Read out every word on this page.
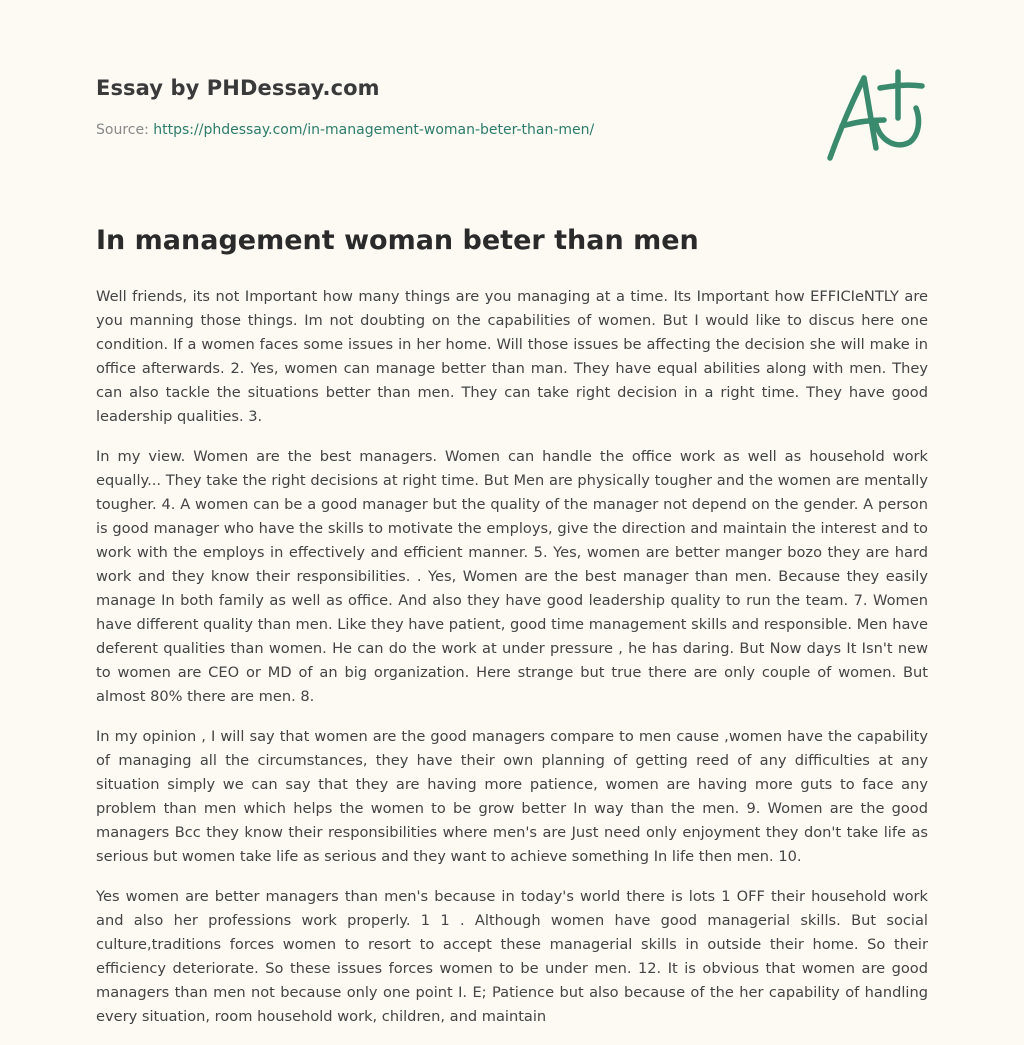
Essay by PHDessay.com
Source: https://phdessay.com/in-management-woman-beter-than-men/
In management woman beter than men

Well friends, its not Important how many things are you managing at a time. Its Important how EFFICIeNTLY are you manning those things. Im not doubting on the capabilities of women. But I would like to discus here one condition. If a women faces some issues in her home. Will those issues be affecting the decision she will make in office afterwards. 2. Yes, women can manage better than man. They have equal abilities along with men. They can also tackle the situations better than men. They can take right decision in a right time. They have good leadership qualities. 3.

In my view. Women are the best managers. Women can handle the office work as well as household work equally... They take the right decisions at right time. But Men are physically tougher and the women are mentally tougher. 4. A women can be a good manager but the quality of the manager not depend on the gender. A person is good manager who have the skills to motivate the employs, give the direction and maintain the interest and to work with the employs in effectively and efficient manner. 5. Yes, women are better manger bozo they are hard work and they know their responsibilities. . Yes, Women are the best manager than men. Because they easily manage In both family as well as office. And also they have good leadership quality to run the team. 7. Women have different quality than men. Like they have patient, good time management skills and responsible. Men have deferent qualities than women. He can do the work at under pressure , he has daring. But Now days It Isn't new to women are CEO or MD of an big organization. Here strange but true there are only couple of women. But almost 80% there are men. 8.

In my opinion , I will say that women are the good managers compare to men cause ,women have the capability of managing all the circumstances, they have their own planning of getting reed of any difficulties at any situation simply we can say that they are having more patience, women are having more guts to face any problem than men which helps the women to be grow better In way than the men. 9. Women are the good managers Bcc they know their responsibilities where men's are Just need only enjoyment they don't take life as serious but women take life as serious and they want to achieve something In life then men. 10.

Yes women are better managers than men's because in today's world there is lots 1 OFF their household work and also her professions work properly. 1 1 . Although women have good managerial skills. But social culture,traditions forces women to resort to accept these managerial skills in outside their home. So their efficiency deteriorate. So these issues forces women to be under men. 12. It is obvious that women are good managers than men not because only one point I. E; Patience but also because of the her capability of handling every situation, room household work, children, and maintain
